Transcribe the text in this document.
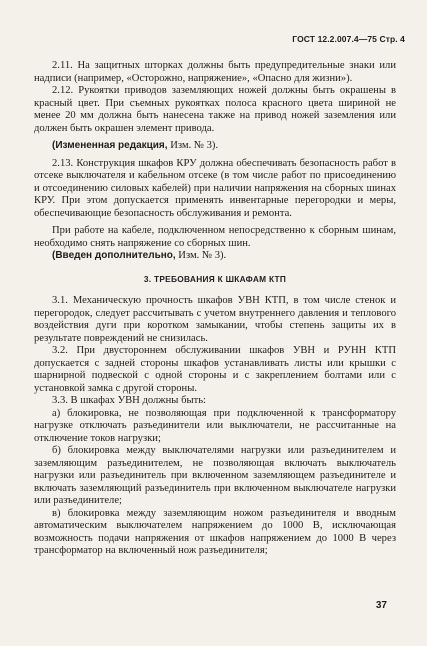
ГОСТ 12.2.007.4—75 Стр. 4

2.11. На защитных шторках должны быть предупредительные знаки или надписи (например, «Осторожно, напряжение», «Опасно для жизни»).

2.12. Рукоятки приводов заземляющих ножей должны быть окрашены в красный цвет. При съемных рукоятках полоса красного цвета шириной не менее 20 мм должна быть нанесена также на привод ножей заземления или должен быть окрашен элемент привода.

(Измененная редакция, Изм. № 3).

2.13. Конструкция шкафов КРУ должна обеспечивать безопасность работ в отсеке выключателя и кабельном отсеке (в том числе работ по присоединению и отсоединению силовых кабелей) при наличии напряжения на сборных шинах КРУ. При этом допускается применять инвентарные перегородки и меры, обеспечивающие безопасность обслуживания и ремонта.

При работе на кабеле, подключенном непосредственно к сборным шинам, необходимо снять напряжение со сборных шин.

(Введен дополнительно, Изм. № 3).

3. ТРЕБОВАНИЯ К ШКАФАМ КТП

3.1. Механическую прочность шкафов УВН КТП, в том числе стенок и перегородок, следует рассчитывать с учетом внутреннего давления и теплового воздействия дуги при коротком замыкании, чтобы степень защиты их в результате повреждений не снизилась.

3.2. При двустороннем обслуживании шкафов УВН и РУНН КТП допускается с задней стороны шкафов устанавливать листы или крышки с шарнирной подвеской с одной стороны и с закреплением болтами или с установкой замка с другой стороны.

3.3. В шкафах УВН должны быть:

а) блокировка, не позволяющая при подключенной к трансформатору нагрузке отключать разъединители или выключатели, не рассчитанные на отключение токов нагрузки;

б) блокировка между выключателями нагрузки или разъединителем и заземляющим разъединителем, не позволяющая включать выключатель нагрузки или разъединитель при включенном заземляющем разъединителе и включать заземляющий разъединитель при включенном выключателе нагрузки или разъединителе;

в) блокировка между заземляющим ножом разъединителя и вводным автоматическим выключателем напряжением до 1000 В, исключающая возможность подачи напряжения от шкафов напряжением до 1000 В через трансформатор на включенный нож разъединителя;

37
